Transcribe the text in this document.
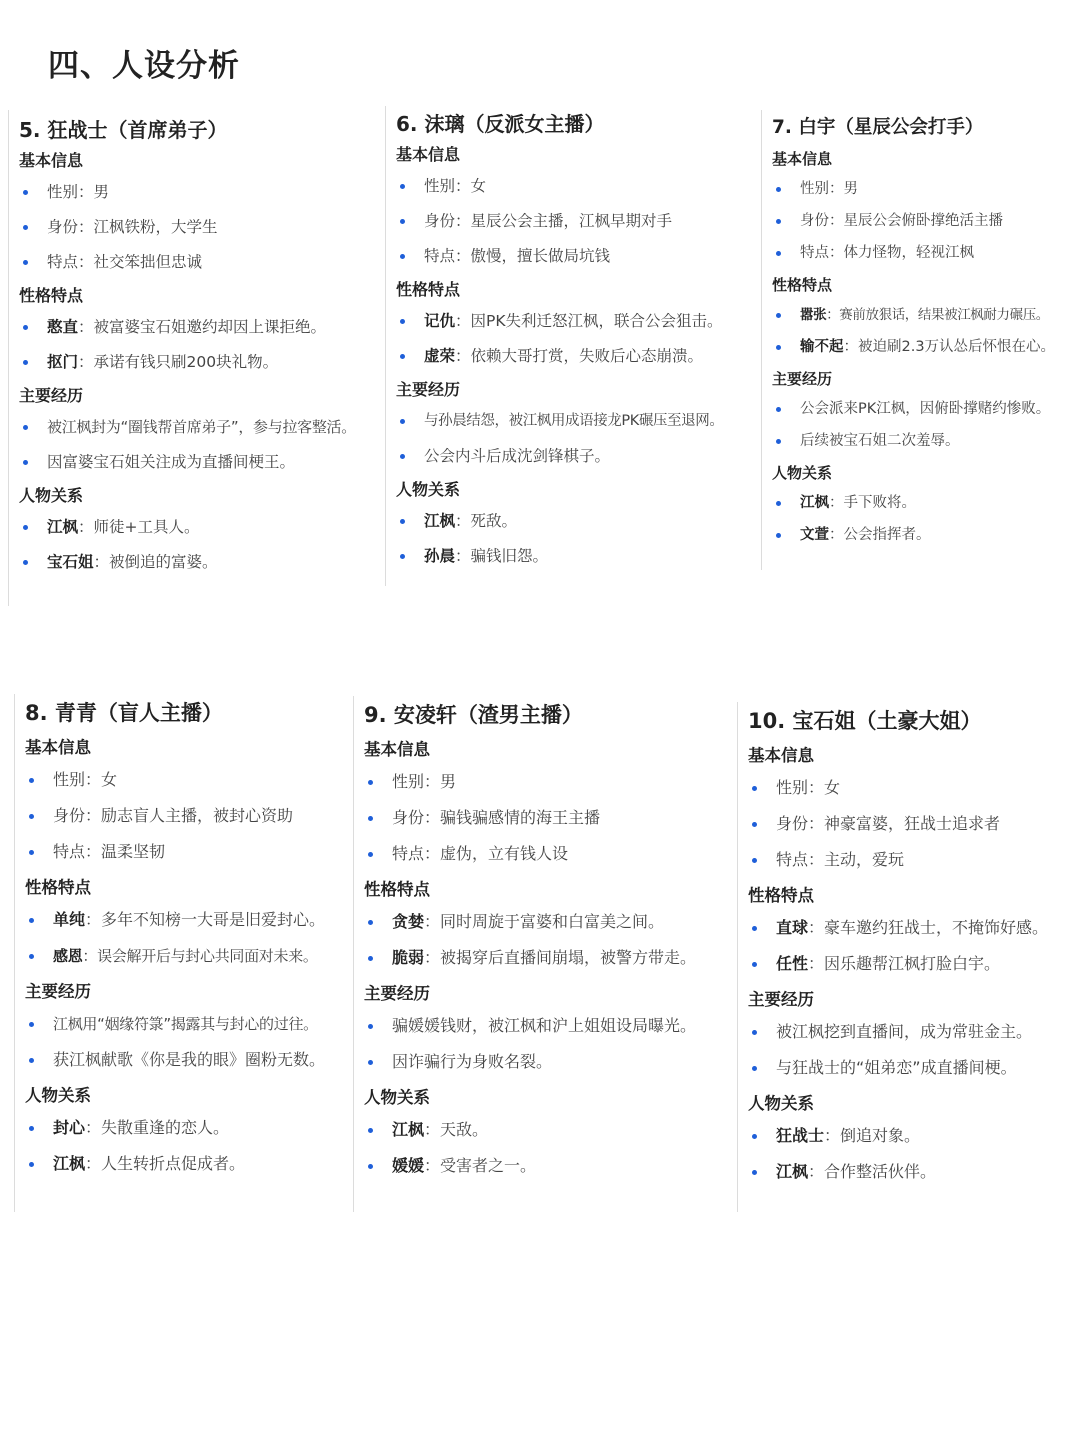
四、人设分析
5. 狂战士（首席弟子）
基本信息
性别：男
身份：江枫铁粉，大学生
特点：社交笨拙但忠诚
性格特点
憨直：被富婆宝石姐邀约却因上课拒绝。
抠门：承诺有钱只刷200块礼物。
主要经历
被江枫封为“圈钱帮首席弟子”，参与拉客整活。
因富婆宝石姐关注成为直播间梗王。
人物关系
江枫：师徒+工具人。
宝石姐：被倒追的富婆。
6. 沫璃（反派女主播）
基本信息
性别：女
身份：星辰公会主播，江枫早期对手
特点：傲慢，擅长做局坑钱
性格特点
记仇：因PK失利迁怒江枫，联合公会狙击。
虚荣：依赖大哥打赏，失败后心态崩溃。
主要经历
与孙晨结怨，被江枫用成语接龙PK碾压至退网。
公会内斗后成沈剑锋棋子。
人物关系
江枫：死敌。
孙晨：骗钱旧怨。
7. 白宇（星辰公会打手）
基本信息
性别：男
身份：星辰公会俯卧撑绝活主播
特点：体力怪物，轻视江枫
性格特点
嚣张：赛前放狠话，结果被江枫耐力碾压。
输不起：被迫刷2.3万认怂后怀恨在心。
主要经历
公会派来PK江枫，因俯卧撑赌约惨败。
后续被宝石姐二次羞辱。
人物关系
江枫：手下败将。
文萱：公会指挥者。
8. 青青（盲人主播）
基本信息
性别：女
身份：励志盲人主播，被封心资助
特点：温柔坚韧
性格特点
单纯：多年不知榜一大哥是旧爱封心。
感恩：误会解开后与封心共同面对未来。
主要经历
江枫用“姻缘符箓”揭露其与封心的过往。
获江枫献歌《你是我的眼》圈粉无数。
人物关系
封心：失散重逢的恋人。
江枫：人生转折点促成者。
9. 安凌轩（渣男主播）
基本信息
性别：男
身份：骗钱骗感情的海王主播
特点：虚伪，立有钱人设
性格特点
贪婪：同时周旋于富婆和白富美之间。
脆弱：被揭穿后直播间崩塌，被警方带走。
主要经历
骗媛媛钱财，被江枫和沪上姐姐设局曝光。
因诈骗行为身败名裂。
人物关系
江枫：天敌。
媛媛：受害者之一。
10. 宝石姐（土豪大姐）
基本信息
性别：女
身份：神豪富婆，狂战士追求者
特点：主动，爱玩
性格特点
直球：豪车邀约狂战士，不掩饰好感。
任性：因乐趣帮江枫打脸白宇。
主要经历
被江枫挖到直播间，成为常驻金主。
与狂战士的“姐弟恋”成直播间梗。
人物关系
狂战士：倒追对象。
江枫：合作整活伙伴。
